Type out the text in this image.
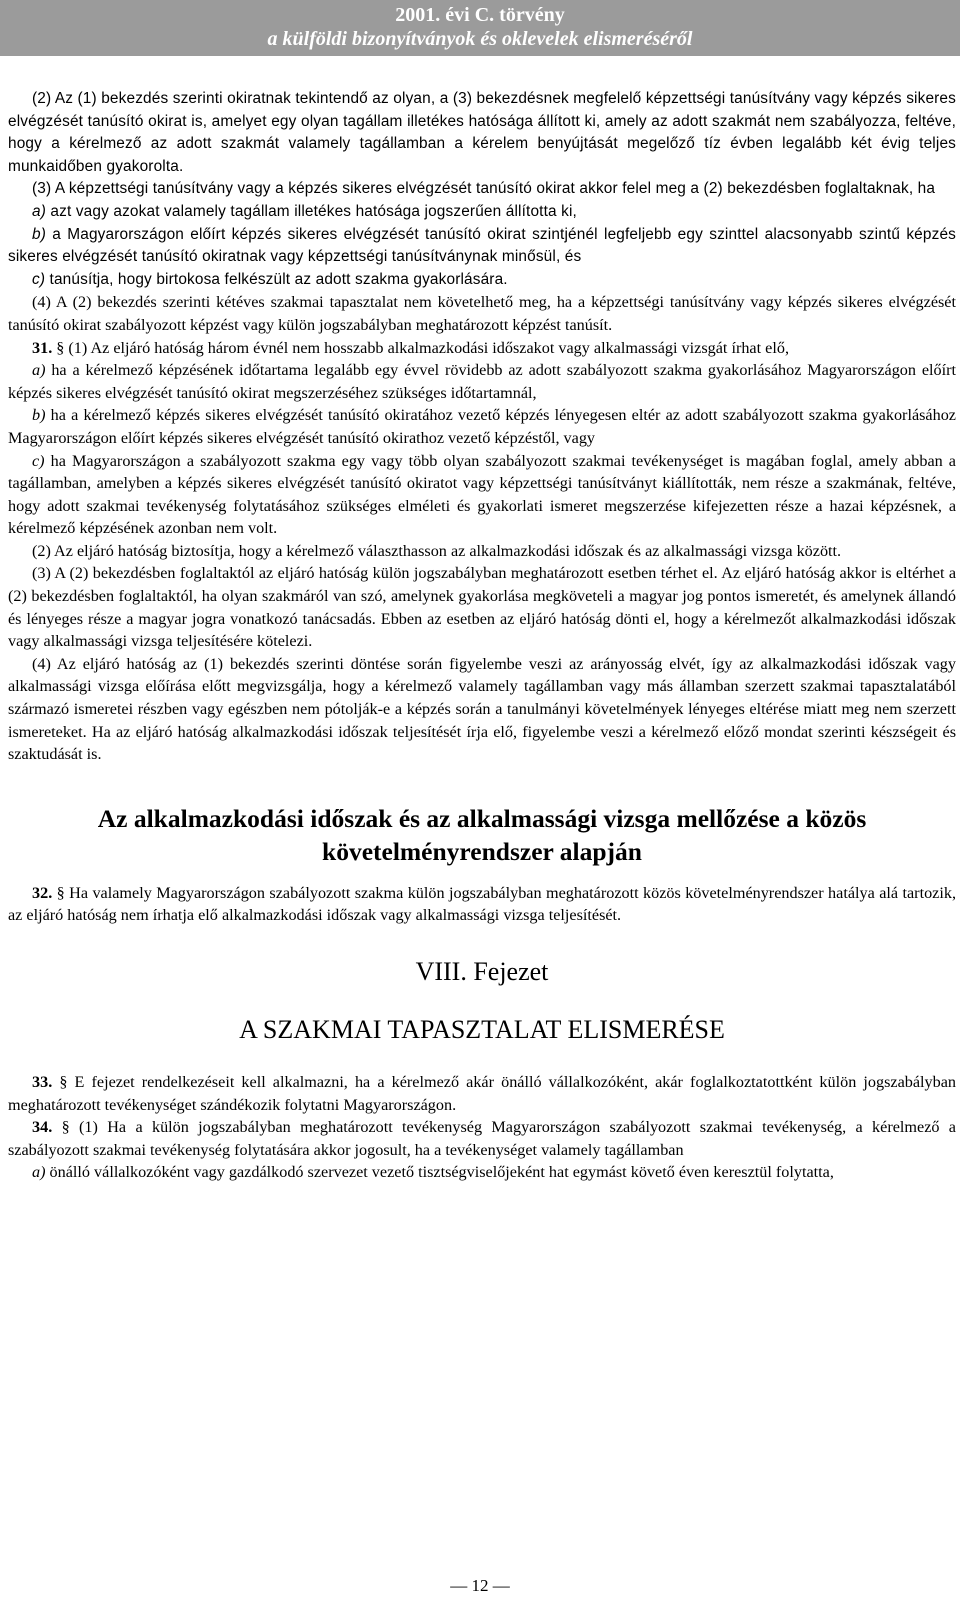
2001. évi C. törvény
a külföldi bizonyítványok és oklevelek elismeréséről

(2) Az (1) bekezdés szerinti okiratnak tekintendő az olyan, a (3) bekezdésnek megfelelő képzettségi tanúsítvány vagy képzés sikeres elvégzését tanúsító okirat is, amelyet egy olyan tagállam illetékes hatósága állított ki, amely az adott szakmát nem szabályozza, feltéve, hogy a kérelmező az adott szakmát valamely tagállamban a kérelem benyújtását megelőző tíz évben legalább két évig teljes munkaidőben gyakorolta.

(3) A képzettségi tanúsítvány vagy a képzés sikeres elvégzését tanúsító okirat akkor felel meg a (2) bekezdésben foglaltaknak, ha

a) azt vagy azokat valamely tagállam illetékes hatósága jogszerűen állította ki,

b) a Magyarországon előírt képzés sikeres elvégzését tanúsító okirat szintjénél legfeljebb egy szinttel alacsonyabb szintű képzés sikeres elvégzését tanúsító okiratnak vagy képzettségi tanúsítványnak minősül, és

c) tanúsítja, hogy birtokosa felkészült az adott szakma gyakorlására.

(4) A (2) bekezdés szerinti kétéves szakmai tapasztalat nem követelhető meg, ha a képzettségi tanúsítvány vagy képzés sikeres elvégzését tanúsító okirat szabályozott képzést vagy külön jogszabályban meghatározott képzést tanúsít.

31. § (1) Az eljáró hatóság három évnél nem hosszabb alkalmazkodási időszakot vagy alkalmassági vizsgát írhat elő,

a) ha a kérelmező képzésének időtartama legalább egy évvel rövidebb az adott szabályozott szakma gyakorlásához Magyarországon előírt képzés sikeres elvégzését tanúsító okirat megszerzéséhez szükséges időtartamnál,

b) ha a kérelmező képzés sikeres elvégzését tanúsító okiratához vezető képzés lényegesen eltér az adott szabályozott szakma gyakorlásához Magyarországon előírt képzés sikeres elvégzését tanúsító okirathoz vezető képzéstől, vagy

c) ha Magyarországon a szabályozott szakma egy vagy több olyan szabályozott szakmai tevékenységet is magában foglal, amely abban a tagállamban, amelyben a képzés sikeres elvégzését tanúsító okiratot vagy képzettségi tanúsítványt kiállították, nem része a szakmának, feltéve, hogy adott szakmai tevékenység folytatásához szükséges elméleti és gyakorlati ismeret megszerzése kifejezetten része a hazai képzésnek, a kérelmező képzésének azonban nem volt.

(2) Az eljáró hatóság biztosítja, hogy a kérelmező választhasson az alkalmazkodási időszak és az alkalmassági vizsga között.

(3) A (2) bekezdésben foglaltaktól az eljáró hatóság külön jogszabályban meghatározott esetben térhet el. Az eljáró hatóság akkor is eltérhet a (2) bekezdésben foglaltaktól, ha olyan szakmáról van szó, amelynek gyakorlása megköveteli a magyar jog pontos ismeretét, és amelynek állandó és lényeges része a magyar jogra vonatkozó tanácsadás. Ebben az esetben az eljáró hatóság dönti el, hogy a kérelmezőt alkalmazkodási időszak vagy alkalmassági vizsga teljesítésére kötelezi.

(4) Az eljáró hatóság az (1) bekezdés szerinti döntése során figyelembe veszi az arányosság elvét, így az alkalmazkodási időszak vagy alkalmassági vizsga előírása előtt megvizsgálja, hogy a kérelmező valamely tagállamban vagy más államban szerzett szakmai tapasztalatából származó ismeretei részben vagy egészben nem pótolják-e a képzés során a tanulmányi követelmények lényeges eltérése miatt meg nem szerzett ismereteket. Ha az eljáró hatóság alkalmazkodási időszak teljesítését írja elő, figyelembe veszi a kérelmező előző mondat szerinti készségeit és szaktudását is.

Az alkalmazkodási időszak és az alkalmassági vizsga mellőzése a közös követelményrendszer alapján

32. § Ha valamely Magyarországon szabályozott szakma külön jogszabályban meghatározott közös követelményrendszer hatálya alá tartozik, az eljáró hatóság nem írhatja elő alkalmazkodási időszak vagy alkalmassági vizsga teljesítését.

VIII. Fejezet
A SZAKMAI TAPASZTALAT ELISMERÉSE

33. § E fejezet rendelkezéseit kell alkalmazni, ha a kérelmező akár önálló vállalkozóként, akár foglalkoztatottként külön jogszabályban meghatározott tevékenységet szándékozik folytatni Magyarországon.

34. § (1) Ha a külön jogszabályban meghatározott tevékenység Magyarországon szabályozott szakmai tevékenység, a kérelmező a szabályozott szakmai tevékenység folytatására akkor jogosult, ha a tevékenységet valamely tagállamban

a) önálló vállalkozóként vagy gazdálkodó szervezet vezető tisztségviselőjeként hat egymást követő éven keresztül folytatta,

— 12 —
